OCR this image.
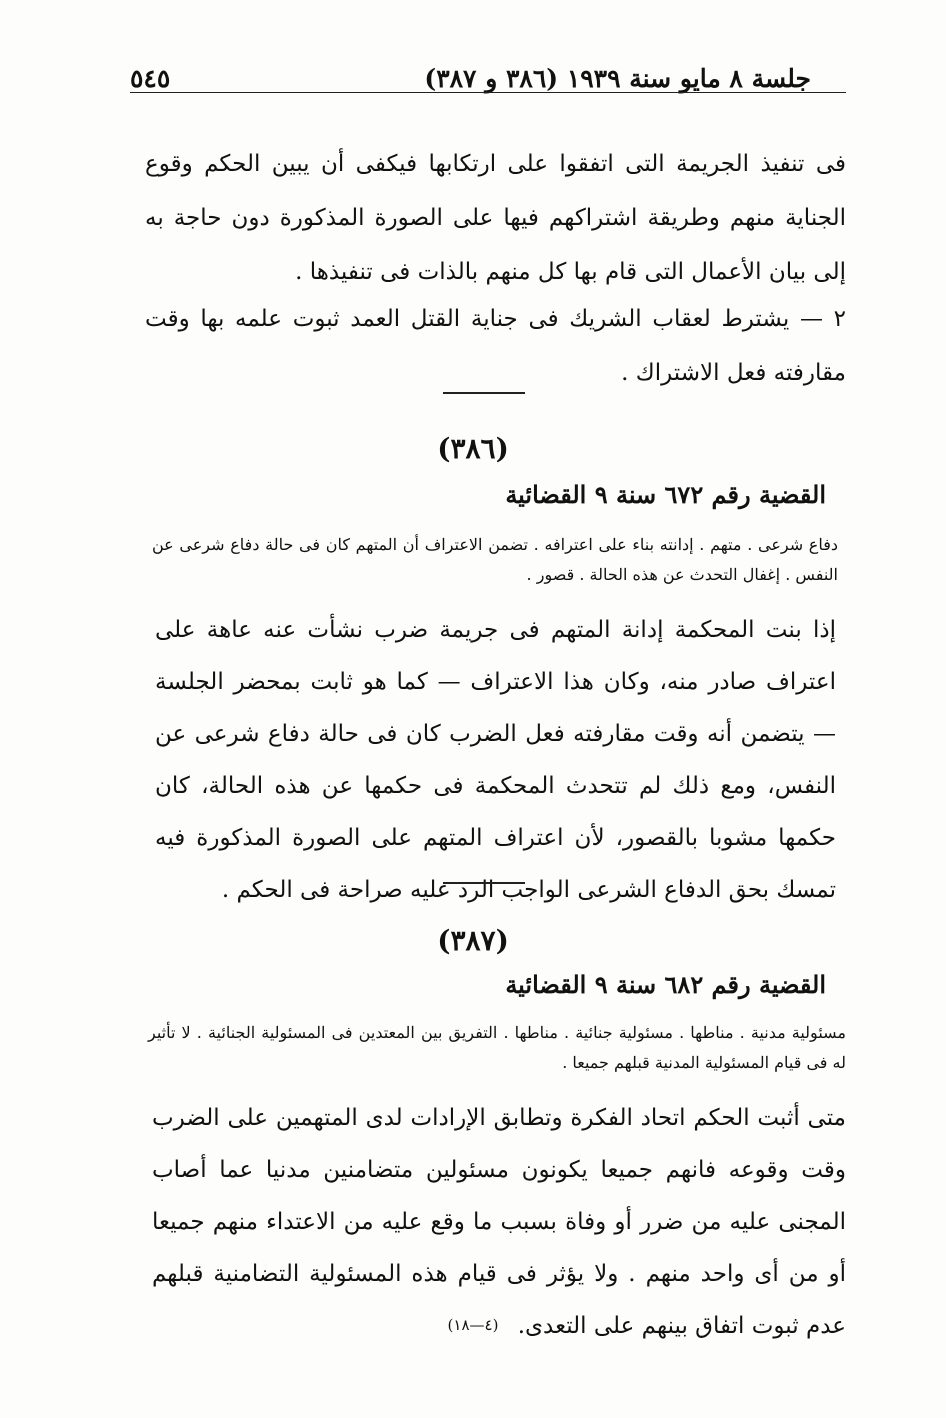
جلسة ٨ مايو سنة ١٩٣٩ (٣٨٦ و ٣٨٧)
٥٤٥
فى تنفيذ الجريمة التى اتفقوا على ارتكابها فيكفى أن يبين الحكم وقوع الجناية منهم وطريقة اشتراكهم فيها على الصورة المذكورة دون حاجة به إلى بيان الأعمال التى قام بها كل منهم بالذات فى تنفيذها .
٢ — يشترط لعقاب الشريك فى جناية القتل العمد ثبوت علمه بها وقت مقارفته فعل الاشتراك .
(٣٨٦)
القضية رقم ٦٧٢ سنة ٩ القضائية
دفاع شرعى . متهم . إدانته بناء على اعترافه . تضمن الاعتراف أن المتهم كان فى حالة دفاع شرعى عن النفس . إغفال التحدث عن هذه الحالة . قصور .
إذا بنت المحكمة إدانة المتهم فى جريمة ضرب نشأت عنه عاهة على اعتراف صادر منه، وكان هذا الاعتراف — كما هو ثابت بمحضر الجلسة — يتضمن أنه وقت مقارفته فعل الضرب كان فى حالة دفاع شرعى عن النفس، ومع ذلك لم تتحدث المحكمة فى حكمها عن هذه الحالة، كان حكمها مشوبا بالقصور، لأن اعتراف المتهم على الصورة المذكورة فيه تمسك بحق الدفاع الشرعى الواجب الرد عليه صراحة فى الحكم .
(٣٨٧)
القضية رقم ٦٨٢ سنة ٩ القضائية
مسئولية مدنية . مناطها . مسئولية جنائية . مناطها . التفريق بين المعتدين فى المسئولية الجنائية . لا تأثير له فى قيام المسئولية المدنية قبلهم جميعا .
متى أثبت الحكم اتحاد الفكرة وتطابق الإرادات لدى المتهمين على الضرب وقت وقوعه فانهم جميعا يكونون مسئولين متضامنين مدنيا عما أصاب المجنى عليه من ضرر أو وفاة بسبب ما وقع عليه من الاعتداء منهم جميعا أو من أى واحد منهم . ولا يؤثر فى قيام هذه المسئولية التضامنية قبلهم عدم ثبوت اتفاق بينهم على التعدى.
(٤—١٨)
